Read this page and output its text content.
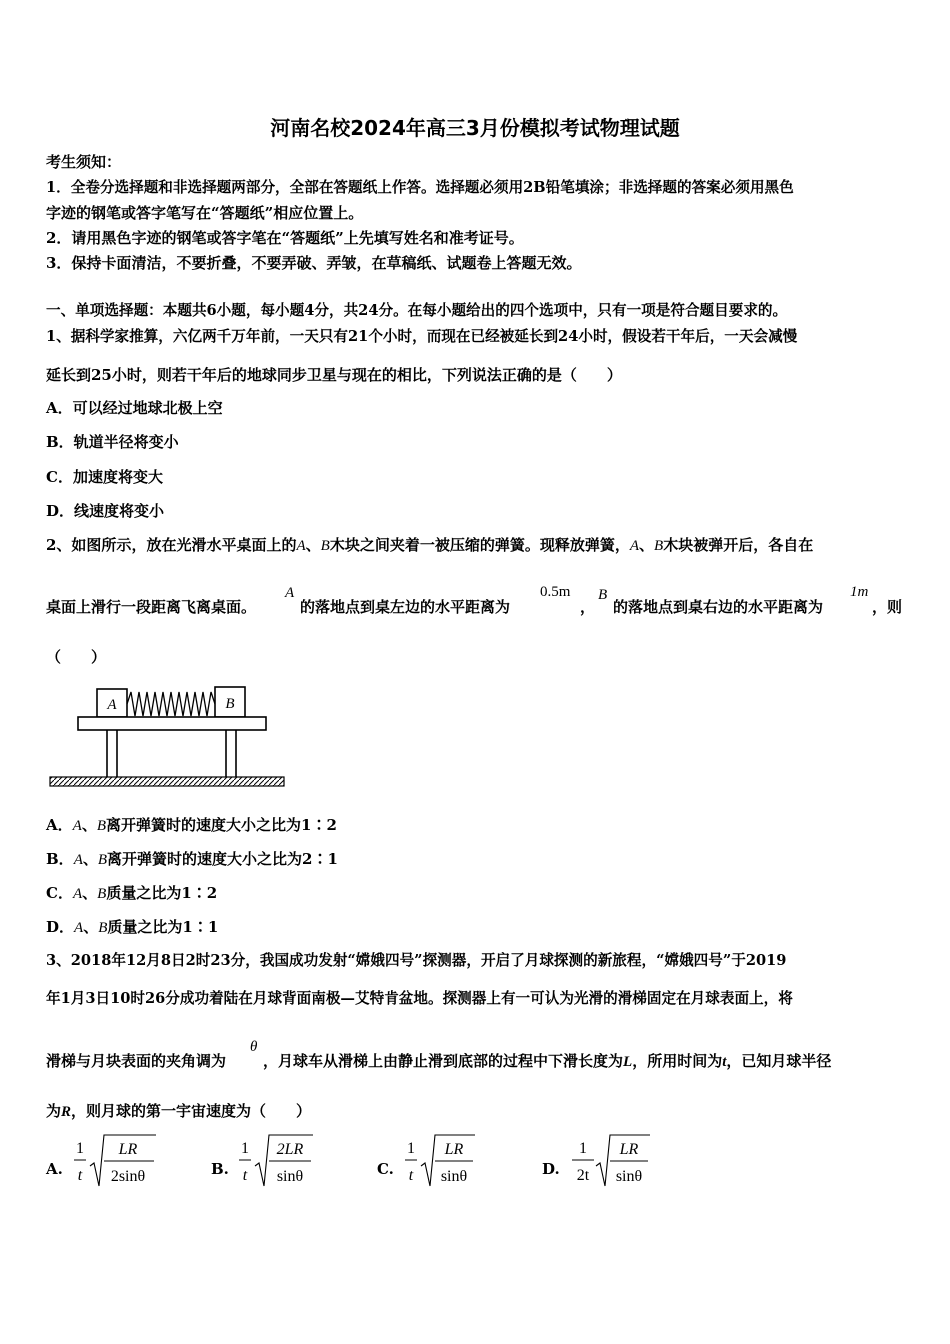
河南名校2024年高三3月份模拟考试物理试题
考生须知：
1．全卷分选择题和非选择题两部分，全部在答题纸上作答。选择题必须用2B铅笔填涂；非选择题的答案必须用黑色
字迹的钢笔或答字笔写在“答题纸”相应位置上。
2．请用黑色字迹的钢笔或答字笔在“答题纸”上先填写姓名和准考证号。
3．保持卡面清洁，不要折叠，不要弄破、弄皱，在草稿纸、试题卷上答题无效。
一、单项选择题：本题共6小题，每小题4分，共24分。在每小题给出的四个选项中，只有一项是符合题目要求的。
1、据科学家推算，六亿两千万年前，一天只有21个小时，而现在已经被延长到24小时，假设若干年后，一天会减慢
延长到25小时，则若干年后的地球同步卫星与现在的相比，下列说法正确的是（　　）
A．可以经过地球北极上空
B．轨道半径将变小
C．加速度将变大
D．线速度将变小
2、如图所示，放在光滑水平桌面上的A、B木块之间夹着一被压缩的弹簧。现释放弹簧，A、B木块被弹开后，各自在
桌面上滑行一段距离飞离桌面。
A
的落地点到桌左边的水平距离为
0.5m
，
B
的落地点到桌右边的水平距离为
1m
，则
（　　）
A	B
A．A、B离开弹簧时的速度大小之比为1∶2
B．A、B离开弹簧时的速度大小之比为2∶1
C．A、B质量之比为1∶2
D．A、B质量之比为1∶1
3、2018年12月8日2时23分，我国成功发射“嫦娥四号”探测器，开启了月球探测的新旅程，“嫦娥四号”于2019
年1月3日10时26分成功着陆在月球背面南极—艾特肯盆地。探测器上有一可认为光滑的滑梯固定在月球表面上，将
滑梯与月块表面的夹角调为
θ
，月球车从滑梯上由静止滑到底部的过程中下滑长度为L，所用时间为t，已知月球半径
为R，则月球的第一宇宙速度为（　　）
A.
1
t
LR
2sinθ	B.
1
t
2LR
sinθ	C.
1
t
LR
sinθ	D.
1
2t
LR
sinθ
